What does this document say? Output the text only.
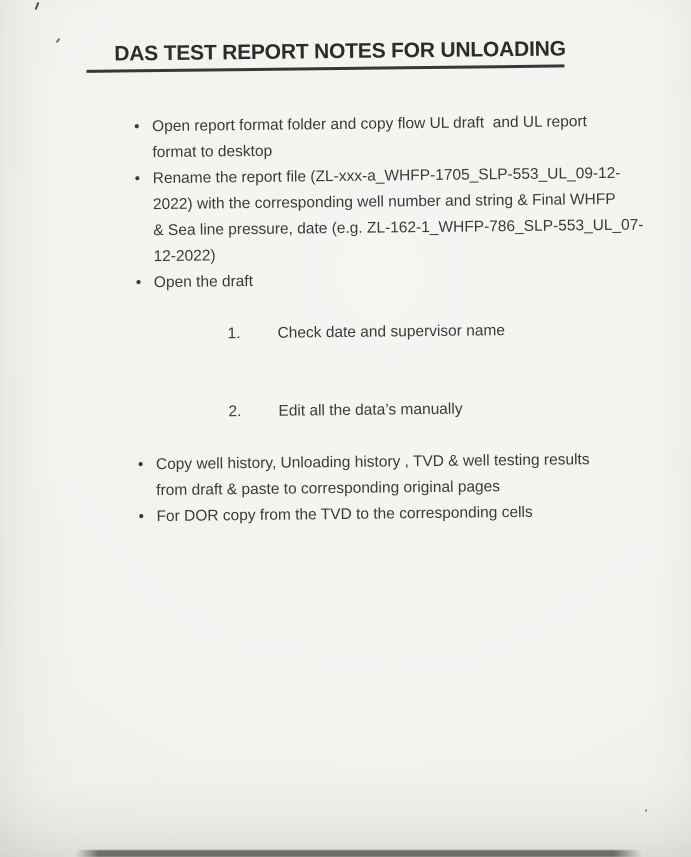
DAS TEST REPORT NOTES FOR UNLOADING
• Open report format folder and copy flow UL draft  and UL report
format to desktop
• Rename the report file (ZL-xxx-a_WHFP-1705_SLP-553_UL_09-12-
2022) with the corresponding well number and string & Final WHFP
& Sea line pressure, date (e.g. ZL-162-1_WHFP-786_SLP-553_UL_07-
12-2022)
• Open the draft

1. Check date and supervisor name

2. Edit all the data’s manually

• Copy well history, Unloading history , TVD & well testing results
from draft & paste to corresponding original pages
• For DOR copy from the TVD to the corresponding cells
